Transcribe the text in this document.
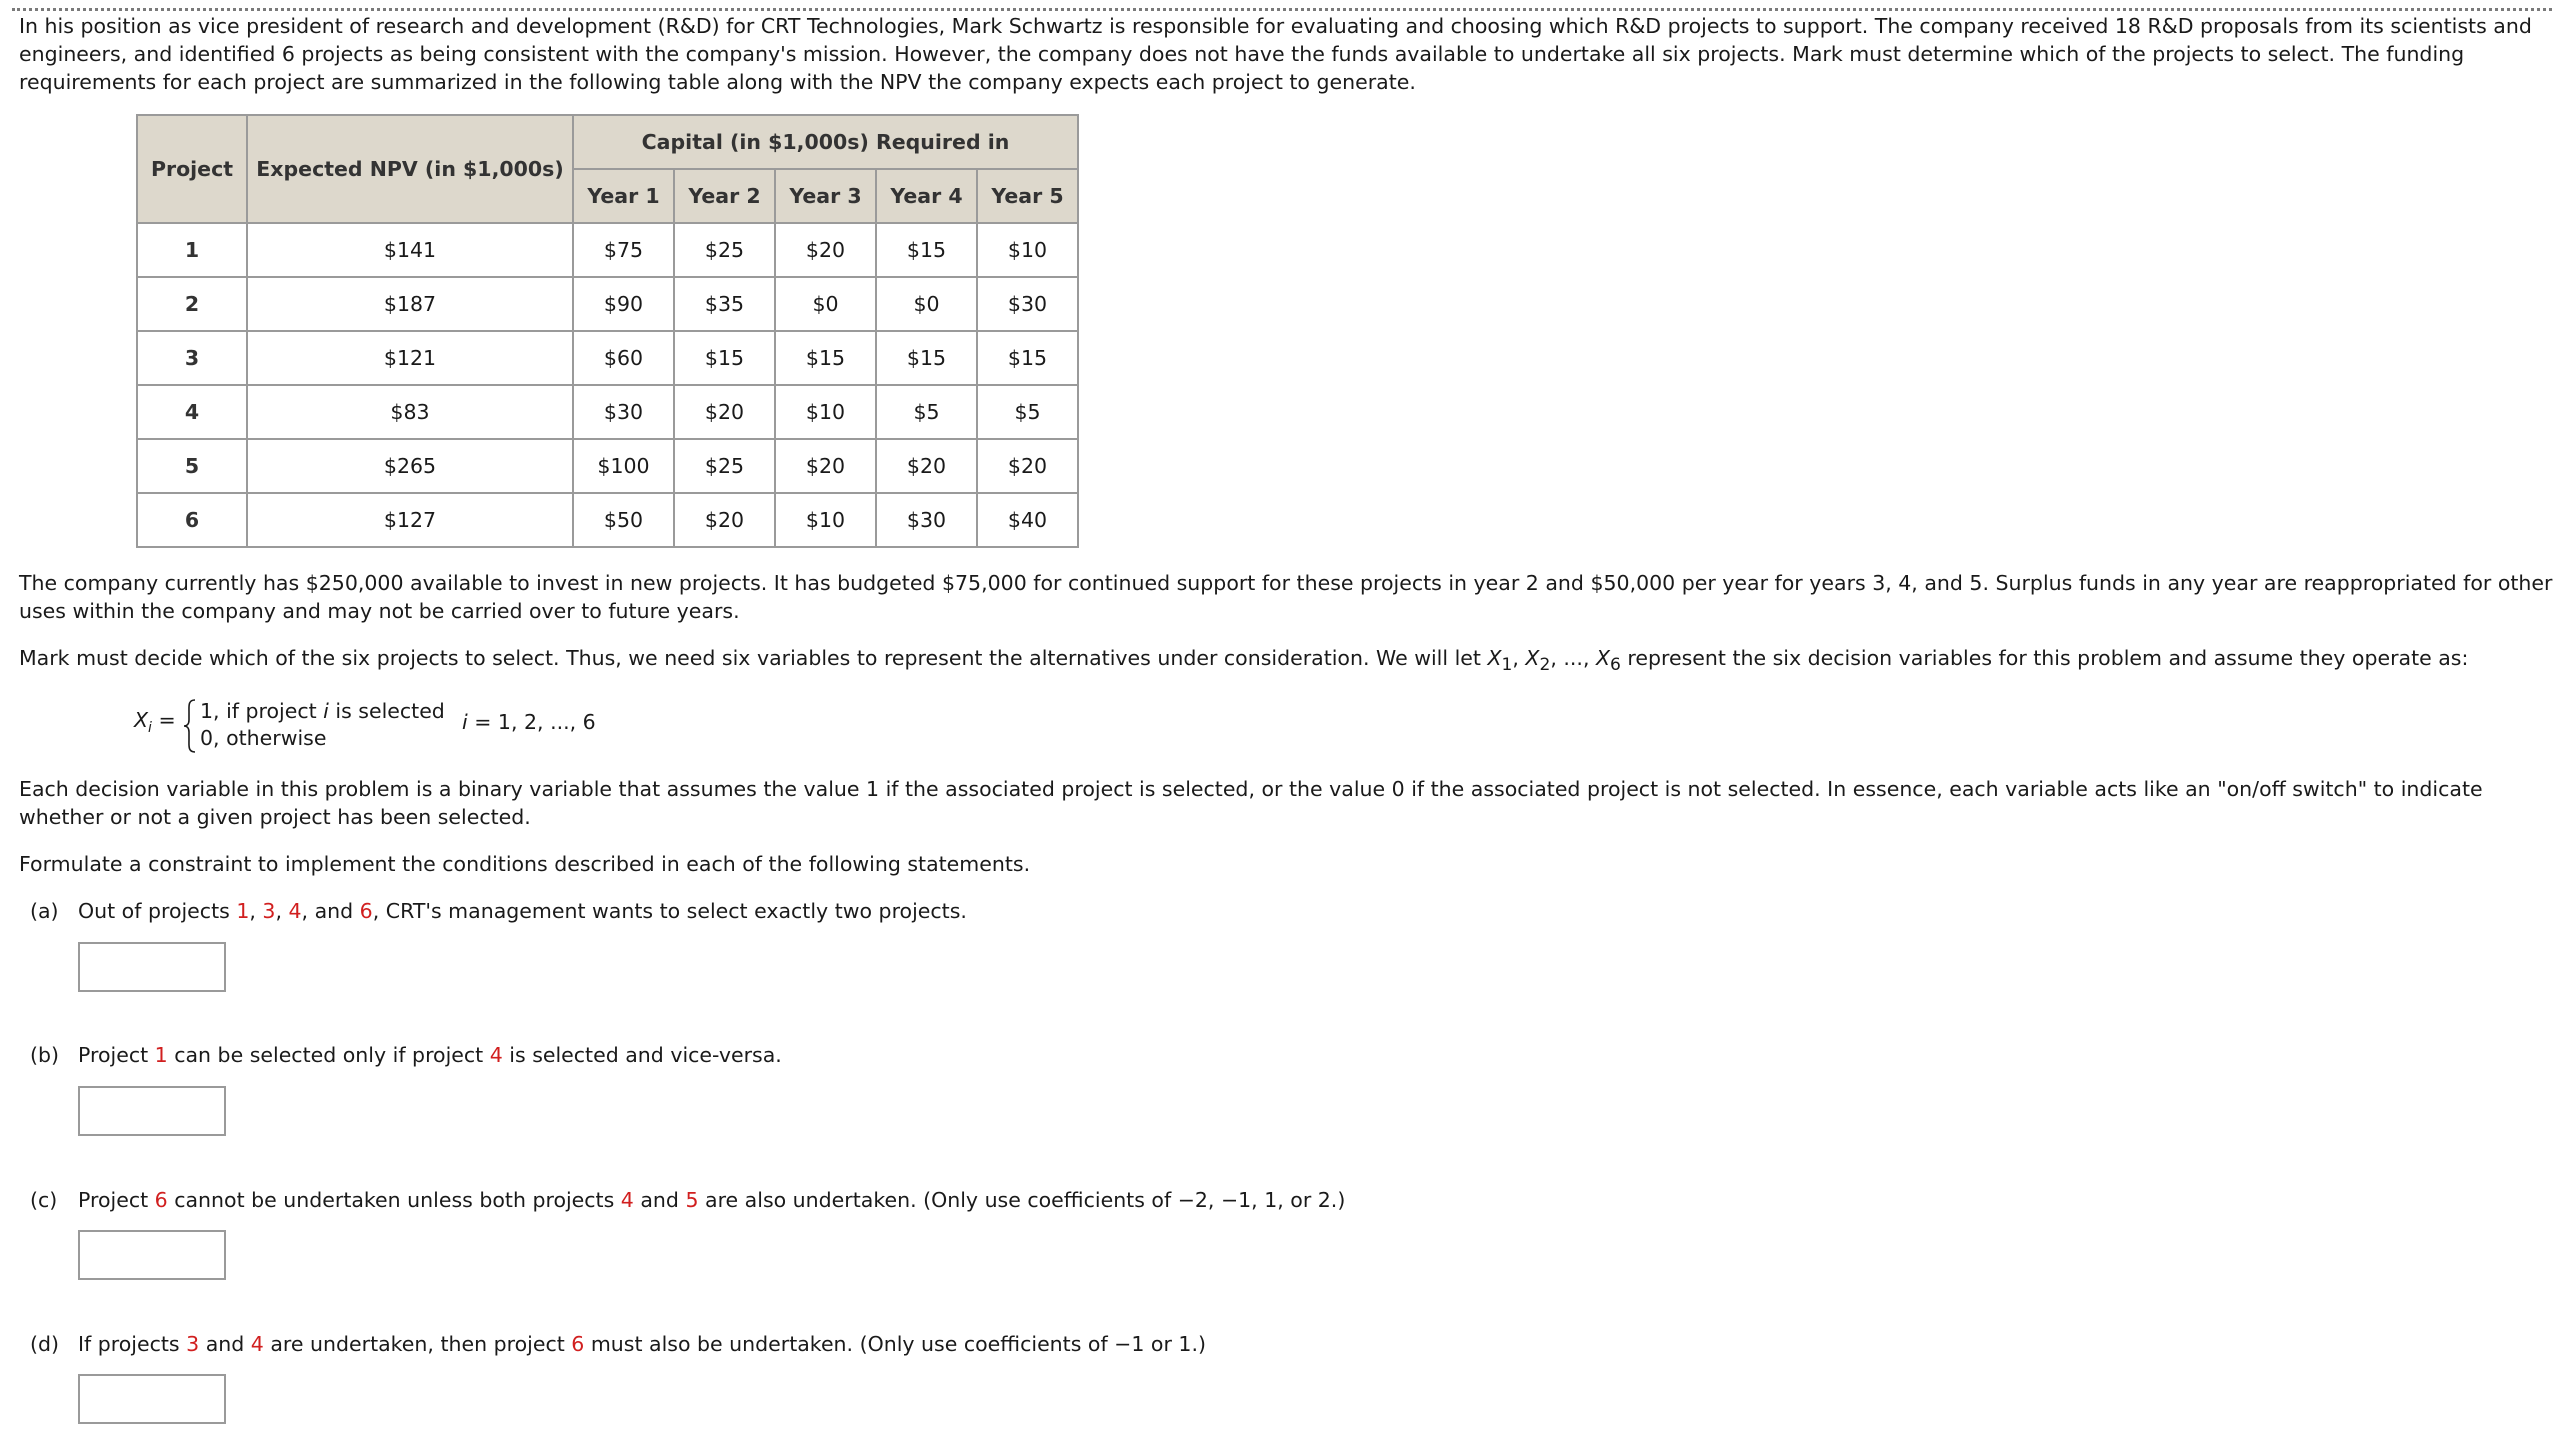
In his position as vice president of research and development (R&D) for CRT Technologies, Mark Schwartz is responsible for evaluating and choosing which R&D projects to support. The company received 18 R&D proposals from its scientists and engineers, and identified 6 projects as being consistent with the company's mission. However, the company does not have the funds available to undertake all six projects. Mark must determine which of the projects to select. The funding requirements for each project are summarized in the following table along with the NPV the company expects each project to generate.

Project	Expected NPV (in $1,000s)	Capital (in $1,000s) Required in				
		Year 1	Year 2	Year 3	Year 4	Year 5
1	$141	$75	$25	$20	$15	$10
2	$187	$90	$35	$0	$0	$30
3	$121	$60	$15	$15	$15	$15
4	$83	$30	$20	$10	$5	$5
5	$265	$100	$25	$20	$20	$20
6	$127	$50	$20	$10	$30	$40

The company currently has $250,000 available to invest in new projects. It has budgeted $75,000 for continued support for these projects in year 2 and $50,000 per year for years 3, 4, and 5. Surplus funds in any year are reappropriated for other uses within the company and may not be carried over to future years.

Mark must decide which of the six projects to select. Thus, we need six variables to represent the alternatives under consideration. We will let $X_1$, $X_2$, ..., $X_6$ represent the six decision variables for this problem and assume they operate as:

$X_i = 1$, if project i is selected
0, otherwise
i = 1, 2, ..., 6

Each decision variable in this problem is a binary variable that assumes the value 1 if the associated project is selected, or the value 0 if the associated project is not selected. In essence, each variable acts like an "on/off switch" to indicate whether or not a given project has been selected.

Formulate a constraint to implement the conditions described in each of the following statements.

(a) Out of projects 1, 3, 4, and 6, CRT's management wants to select exactly two projects.
(b) Project 1 can be selected only if project 4 is selected and vice-versa.
(c) Project 6 cannot be undertaken unless both projects 4 and 5 are also undertaken. (Only use coefficients of −2, −1, 1, or 2.)
(d) If projects 3 and 4 are undertaken, then project 6 must also be undertaken. (Only use coefficients of −1 or 1.)
